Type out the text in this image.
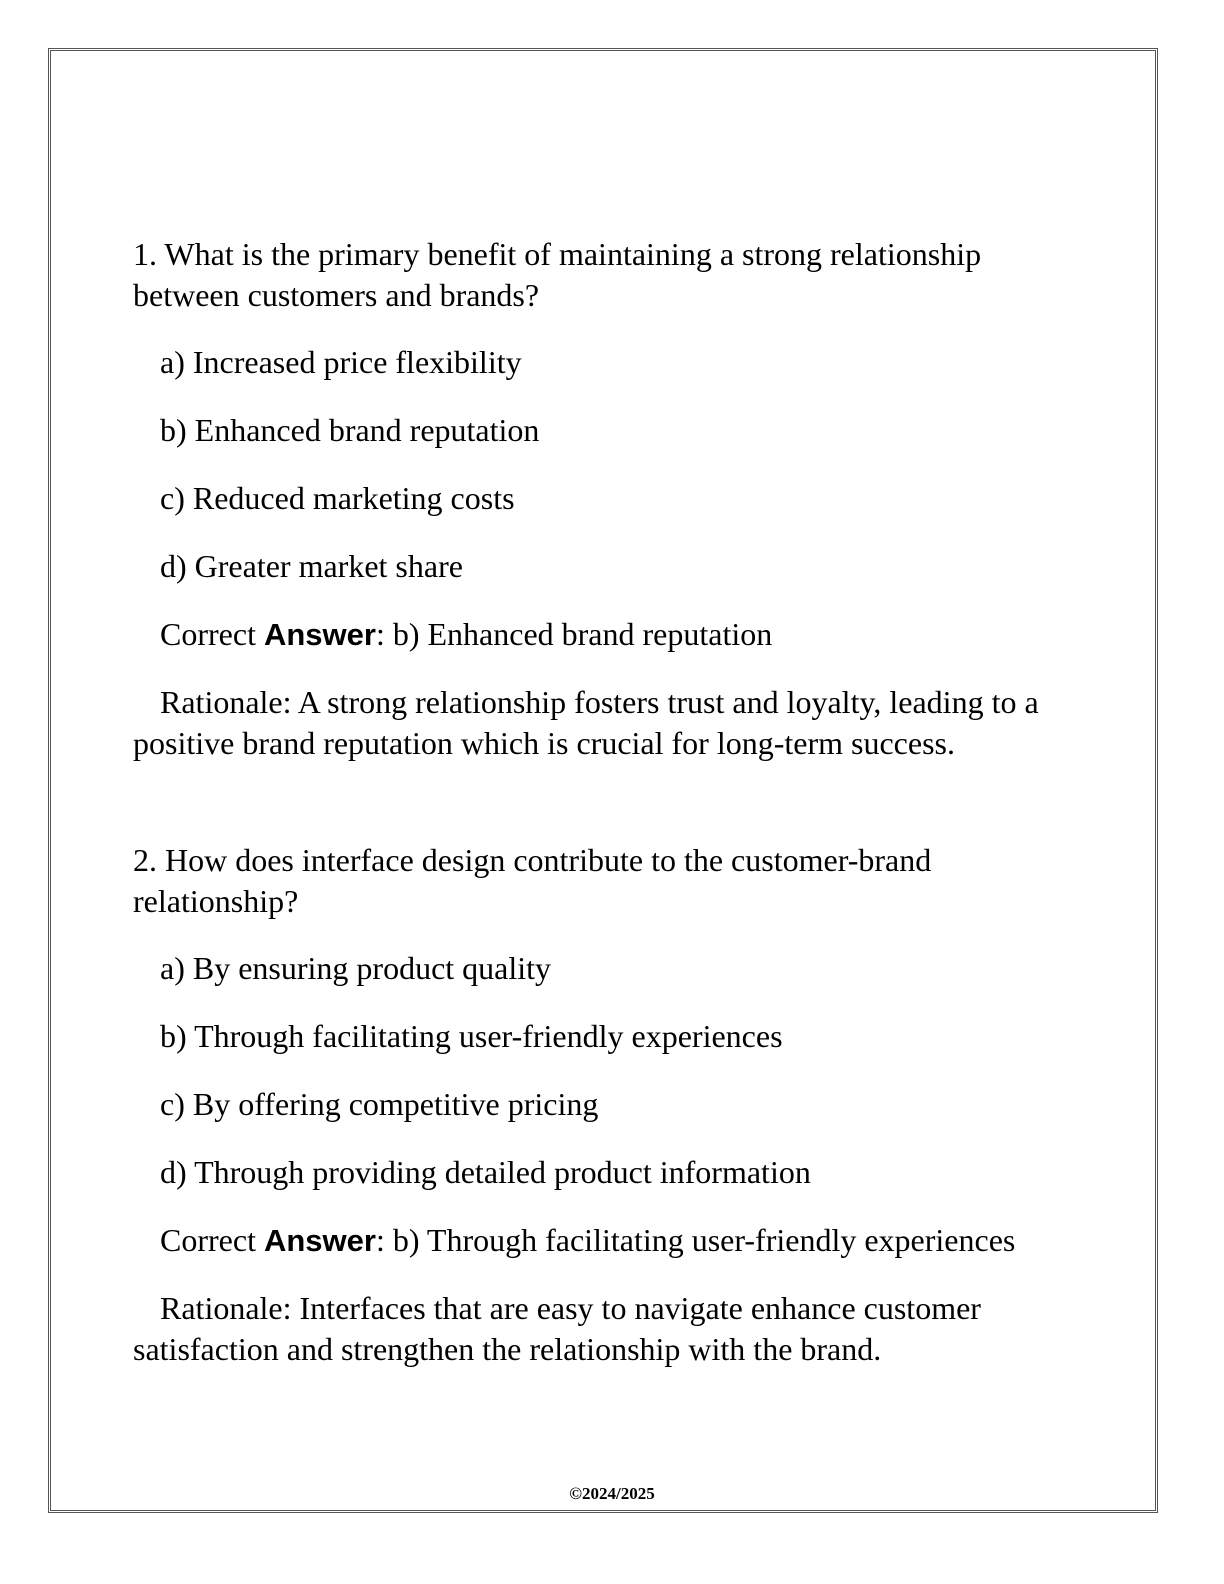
1. What is the primary benefit of maintaining a strong relationship between customers and brands?

a) Increased price flexibility

b) Enhanced brand reputation

c) Reduced marketing costs

d) Greater market share

Correct Answer: b) Enhanced brand reputation

Rationale: A strong relationship fosters trust and loyalty, leading to a positive brand reputation which is crucial for long-term success.

2. How does interface design contribute to the customer-brand relationship?

a) By ensuring product quality

b) Through facilitating user-friendly experiences

c) By offering competitive pricing

d) Through providing detailed product information

Correct Answer: b) Through facilitating user-friendly experiences

Rationale: Interfaces that are easy to navigate enhance customer satisfaction and strengthen the relationship with the brand.

©2024/2025
